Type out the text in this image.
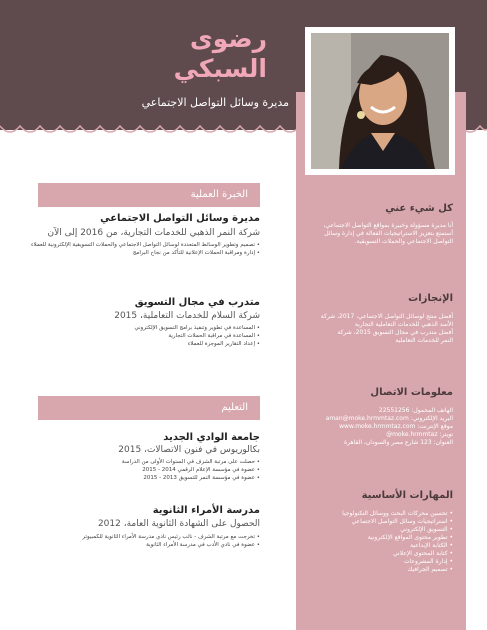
رضوى
السبكي
مديرة وسائل التواصل الاجتماعي
الخبرة العملية
مديرة وسائل التواصل الاجتماعي
شركة النمر الذهبي للخدمات التجارية، من 2016 إلى الآن
• تصميم وتطوير الوسائط المتعددة لوسائل التواصل الاجتماعي والحملات التسويقية الإلكترونية للعملاء
• إدارة ومراقبة الحملات الإعلانية للتأكد من نجاح البرامج
متدرب في مجال التسويق
شركة السلام للخدمات التعاملية، 2015
• المساعدة في تطوير وتنفيذ برامج التسويق الإلكتروني
• المساعدة في مراقبة الحملات التجارية
• إعداد التقارير الموجزة للعملاء
التعليم
جامعة الوادي الجديد
بكالوريوس في فنون الاتصالات، 2015
• حصلت على مرتبة الشرف في السنوات الأولى من الدراسة
• عضوة في مؤسسة الإعلام الرقمي 2014 - 2015
• عضوة في مؤسسة النمر للتسويق 2013 - 2015
مدرسة الأمراء الثانوية
الحصول على الشهادة الثانوية العامة، 2012
• تخرجت مع مرتبة الشرف - نائب رئيس نادي مدرسة الأمراء الثانوية للكمبيوتر
• عضوة في نادي الأدب في مدرسة الأمراء الثانوية
كل شيء عني
أنا مديرة مسؤولة وخبيرة بمواقع التواصل الاجتماعي، أستمتع بتعزيز الاستراتيجيات الفعالة في إدارة وسائل التواصل الاجتماعي والحملات التسويقية.
الإنجازات
أفضل منتج لوسائل التواصل الاجتماعي، 2017، شركة
الأسد الذهبي للخدمات التعاملية التجارية
أفضل متدرب في مجال التسويق 2015، شركة
النمر للخدمات التعاملية
معلومات الاتصال
الهاتف المحمول: 22551256
البريد الإلكتروني: aman@moke.hrmmtaz.com
موقع الإنترنت: www.moke.hrmmtaz.com
تويتر: moke.hrmmtaz@
العنوان: 123 شارع مصر والسودان، القاهرة
المهارات الأساسية
• تحسين محركات البحث ووسائل التكنولوجيا
• استراتيجيات وسائل التواصل الاجتماعي
• التسويق الإلكتروني
• تطوير محتوى المواقع الإلكترونية
• الكتابة الإبداعية
• كتابة المحتوى الإعلاني
• إدارة المشروعات
• تصميم الجرافيك
